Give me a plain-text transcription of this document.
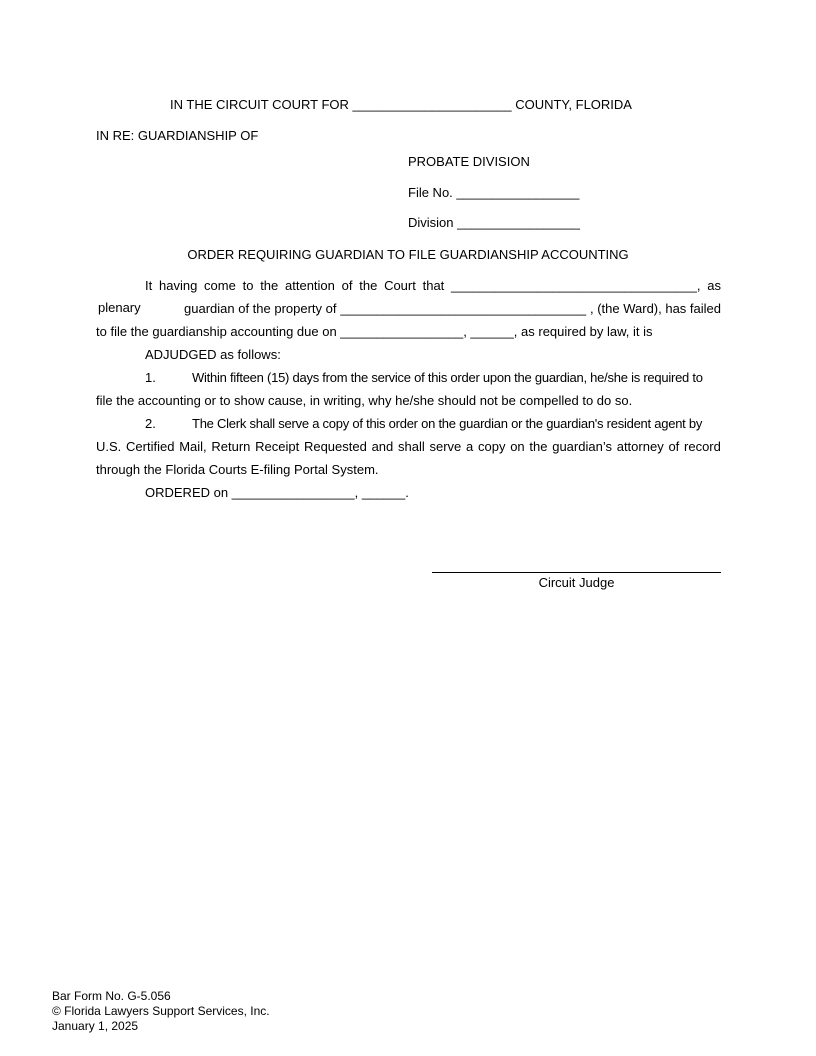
IN THE CIRCUIT COURT FOR ______________________ COUNTY, FLORIDA
IN RE: GUARDIANSHIP OF
PROBATE DIVISION
File No. _________________
Division _________________
ORDER REQUIRING GUARDIAN TO FILE GUARDIANSHIP ACCOUNTING
It having come to the attention of the Court that __________________________________, as
plenary	guardian of the property of __________________________________ , (the Ward), has failed
to file the guardianship accounting due on _________________, ______, as required by law, it is
ADJUDGED as follows:
1.	Within fifteen (15) days from the service of this order upon the guardian, he/she is required to
file the accounting or to show cause, in writing, why he/she should not be compelled to do so.
2.	The Clerk shall serve a copy of this order on the guardian or the guardian's resident agent by
U.S. Certified Mail, Return Receipt Requested and shall serve a copy on the guardian’s attorney of record
through the Florida Courts E-filing Portal System.
ORDERED on _________________, ______.
Circuit Judge
Bar Form No. G-5.056
© Florida Lawyers Support Services, Inc.
January 1, 2025
